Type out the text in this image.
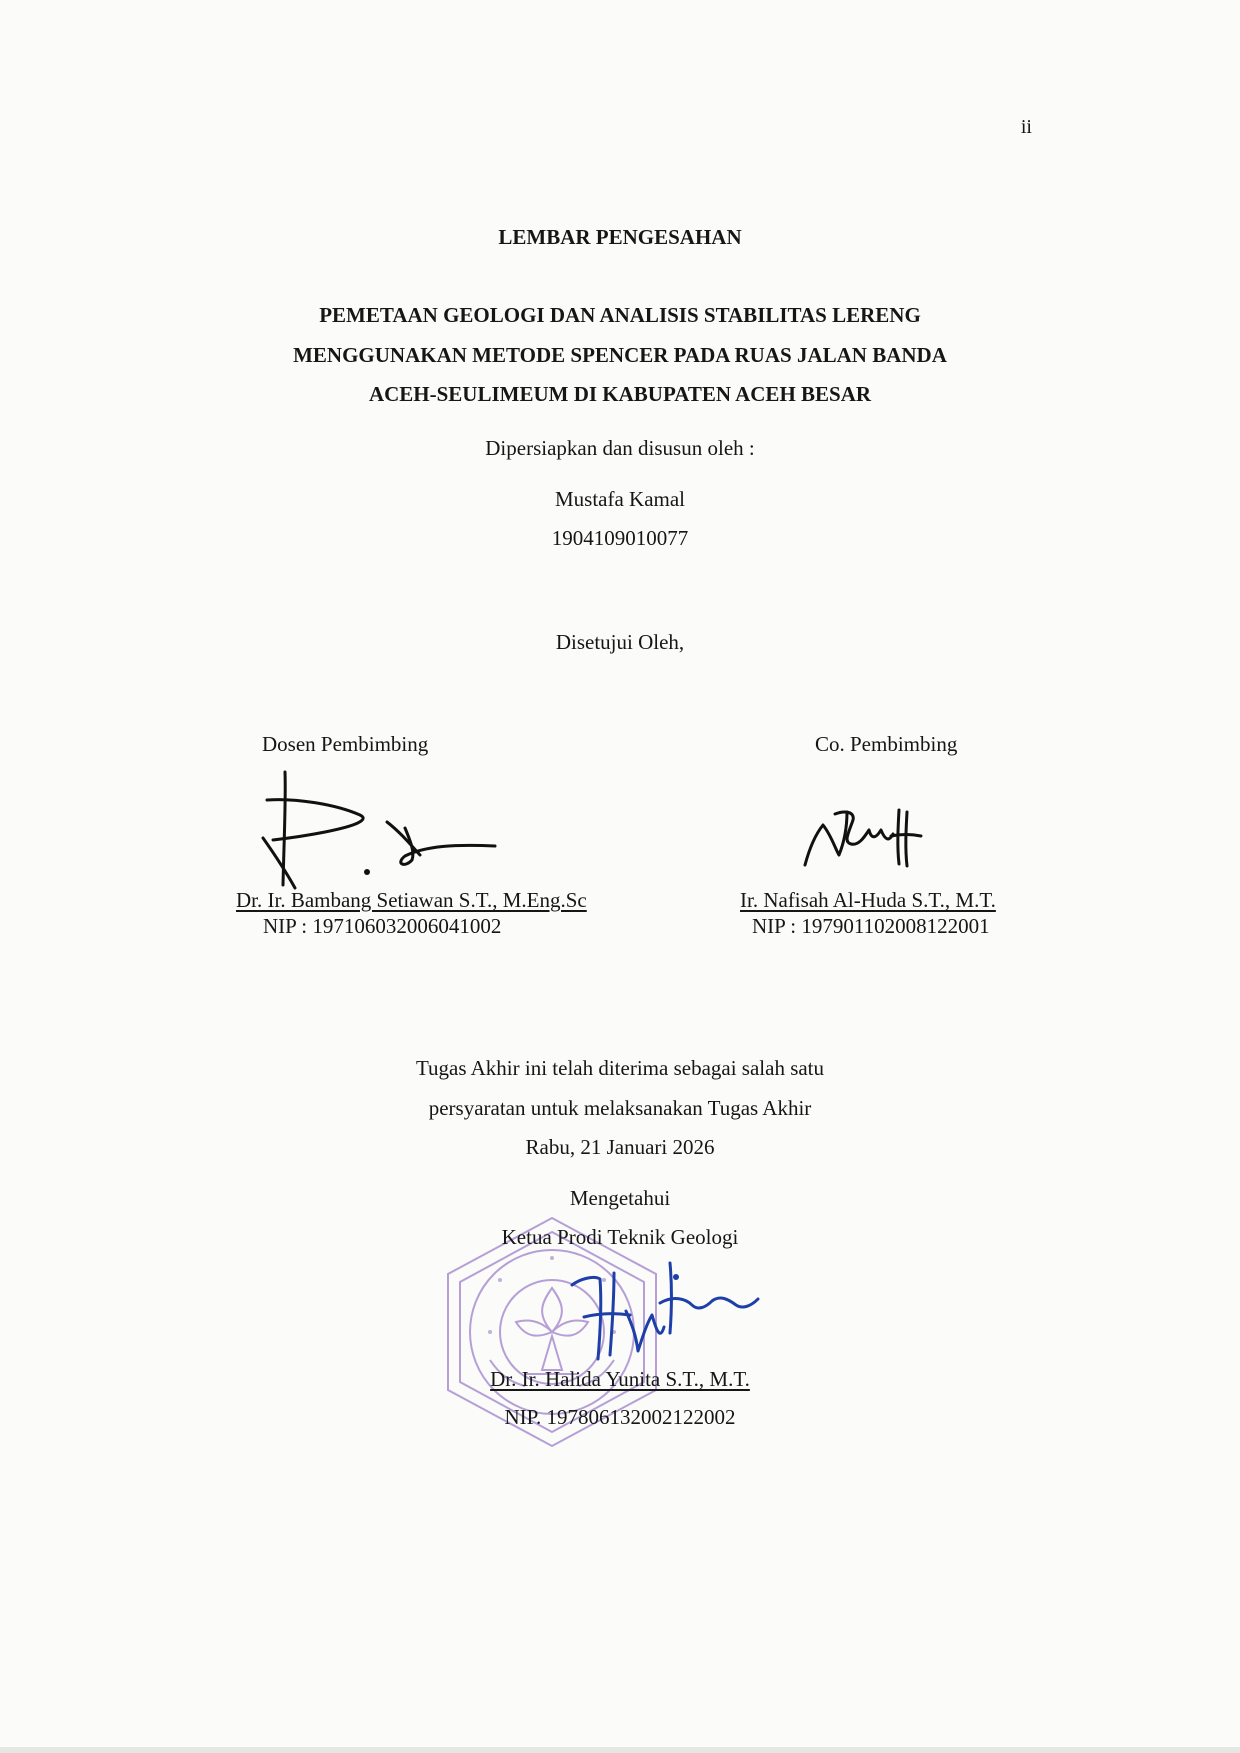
ii
LEMBAR PENGESAHAN
PEMETAAN GEOLOGI DAN ANALISIS STABILITAS LERENG
MENGGUNAKAN METODE SPENCER PADA RUAS JALAN BANDA
ACEH-SEULIMEUM DI KABUPATEN ACEH BESAR
Dipersiapkan dan disusun oleh :
Mustafa Kamal
1904109010077
Disetujui Oleh,
Dosen Pembimbing
Dr. Ir. Bambang Setiawan S.T., M.Eng.Sc
NIP : 197106032006041002
Co. Pembimbing
Ir. Nafisah Al-Huda S.T., M.T.
NIP : 197901102008122001
Tugas Akhir ini telah diterima sebagai salah satu
persyaratan untuk melaksanakan Tugas Akhir
Rabu, 21 Januari 2026
Mengetahui
Ketua Prodi Teknik Geologi
Dr. Ir. Halida Yunita S.T., M.T.
NIP. 197806132002122002
